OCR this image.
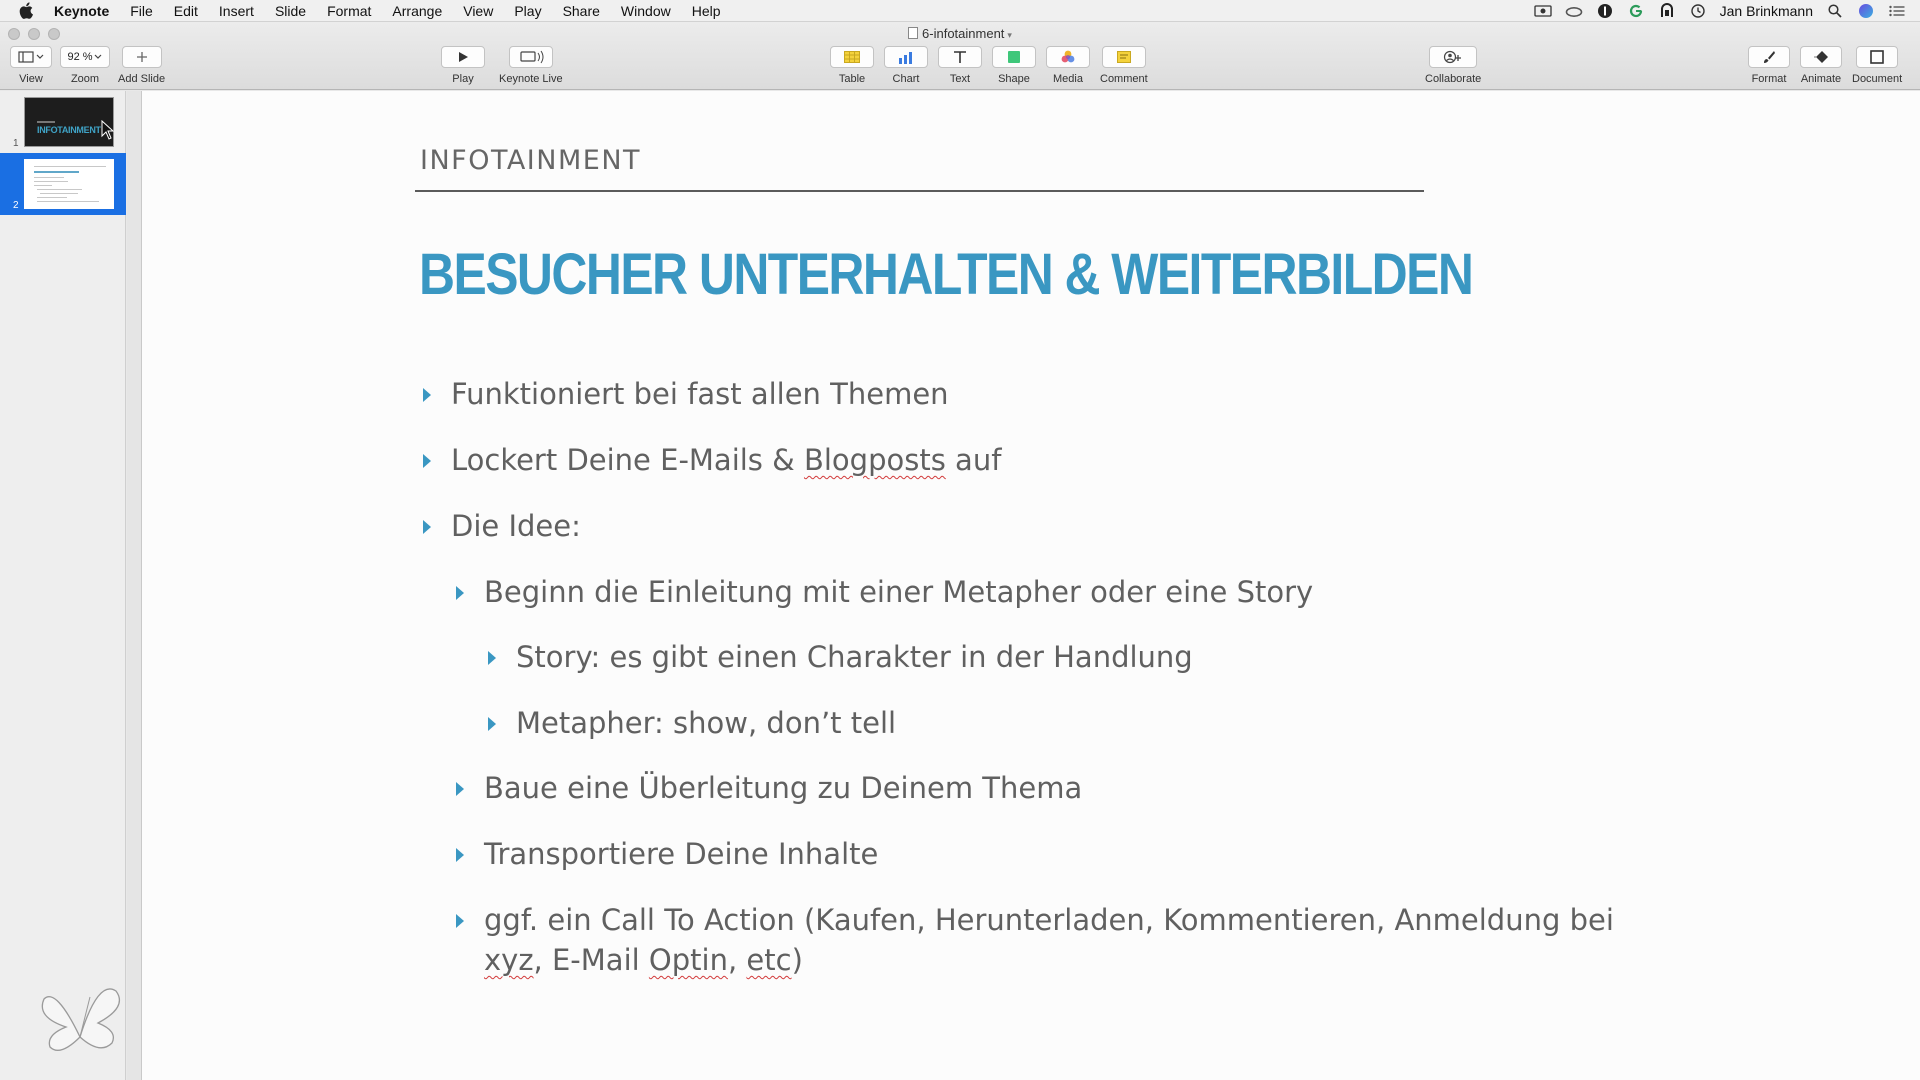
Keynote File Edit Insert Slide Format Arrange View Play Share Window Help	Jan Brinkmann
6-infotainment ▾
View
92 %
Zoom Add Slide	Play Keynote Live	Table Chart	Text	Shape Media Comment	Collaborate	Format Animate Document
1
INFOTAINMENT
2
INFOTAINMENT
BESUCHER UNTERHALTEN & WEITERBILDEN
Funktioniert bei fast allen Themen
Lockert Deine E-Mails & Blogposts auf
Die Idee:
Beginn die Einleitung mit einer Metapher oder eine Story
Story: es gibt einen Charakter in der Handlung
Metapher: show, don’t tell
Baue eine Überleitung zu Deinem Thema
Transportiere Deine Inhalte
ggf. ein Call To Action (Kaufen, Herunterladen, Kommentieren, Anmeldung bei xyz, E-Mail Optin, etc)
